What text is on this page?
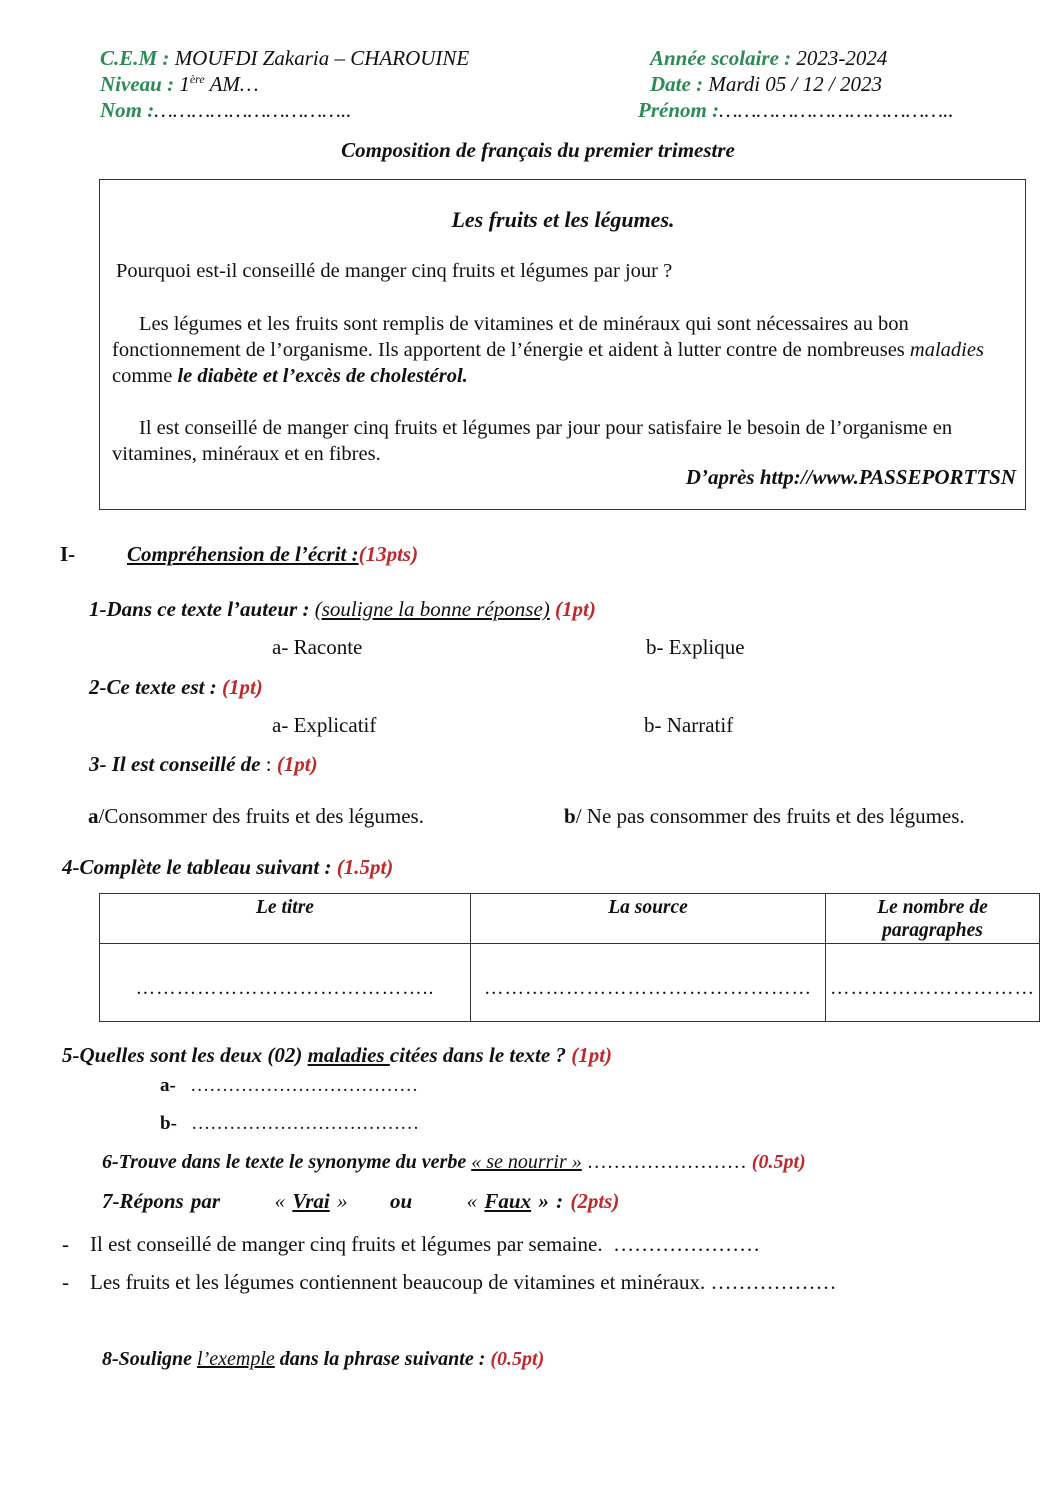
C.E.M : MOUFDI Zakaria – CHAROUINE
Niveau : 1ère AM…
Nom :…………………………..
Année scolaire : 2023-2024
Date : Mardi 05 / 12 / 2023
Prénom :………………………………..
Composition de français du premier trimestre
Les fruits et les légumes.
Pourquoi est-il conseillé de manger cinq fruits et légumes par jour ?

Les légumes et les fruits sont remplis de vitamines et de minéraux qui sont nécessaires au bon fonctionnement de l’organisme. Ils apportent de l’énergie et aident à lutter contre de nombreuses maladies comme le diabète et l’excès de cholestérol.

Il est conseillé de manger cinq fruits et légumes par jour pour satisfaire le besoin de l’organisme en vitamines, minéraux et en fibres.

D’après http://www.PASSEPORTTSN
I- Compréhension de l’écrit :(13pts)
1-Dans ce texte l’auteur : (souligne la bonne réponse) (1pt)
a- Raconte	b- Explique
2-Ce texte est : (1pt)
a- Explicatif	b- Narratif
3- Il est conseillé de : (1pt)
a/Consommer des fruits et des légumes.	b/ Ne pas consommer des fruits et des légumes.
4-Complète le tableau suivant : (1.5pt)
Le titre	La source	Le nombre de paragraphes
……………………………………..	…………………………………………	…………………………
5-Quelles sont les deux (02) maladies citées dans le texte ? (1pt)
a- ………………………………
b- ………………………………
6-Trouve dans le texte le synonyme du verbe « se nourrir » …………………… (0.5pt)
7-Répons par	« Vrai » ou	« Faux » : (2pts)
- Il est conseillé de manger cinq fruits et légumes par semaine. …………………
- Les fruits et les légumes contiennent beaucoup de vitamines et minéraux. ………………
8-Souligne l’exemple dans la phrase suivante : (0.5pt)
